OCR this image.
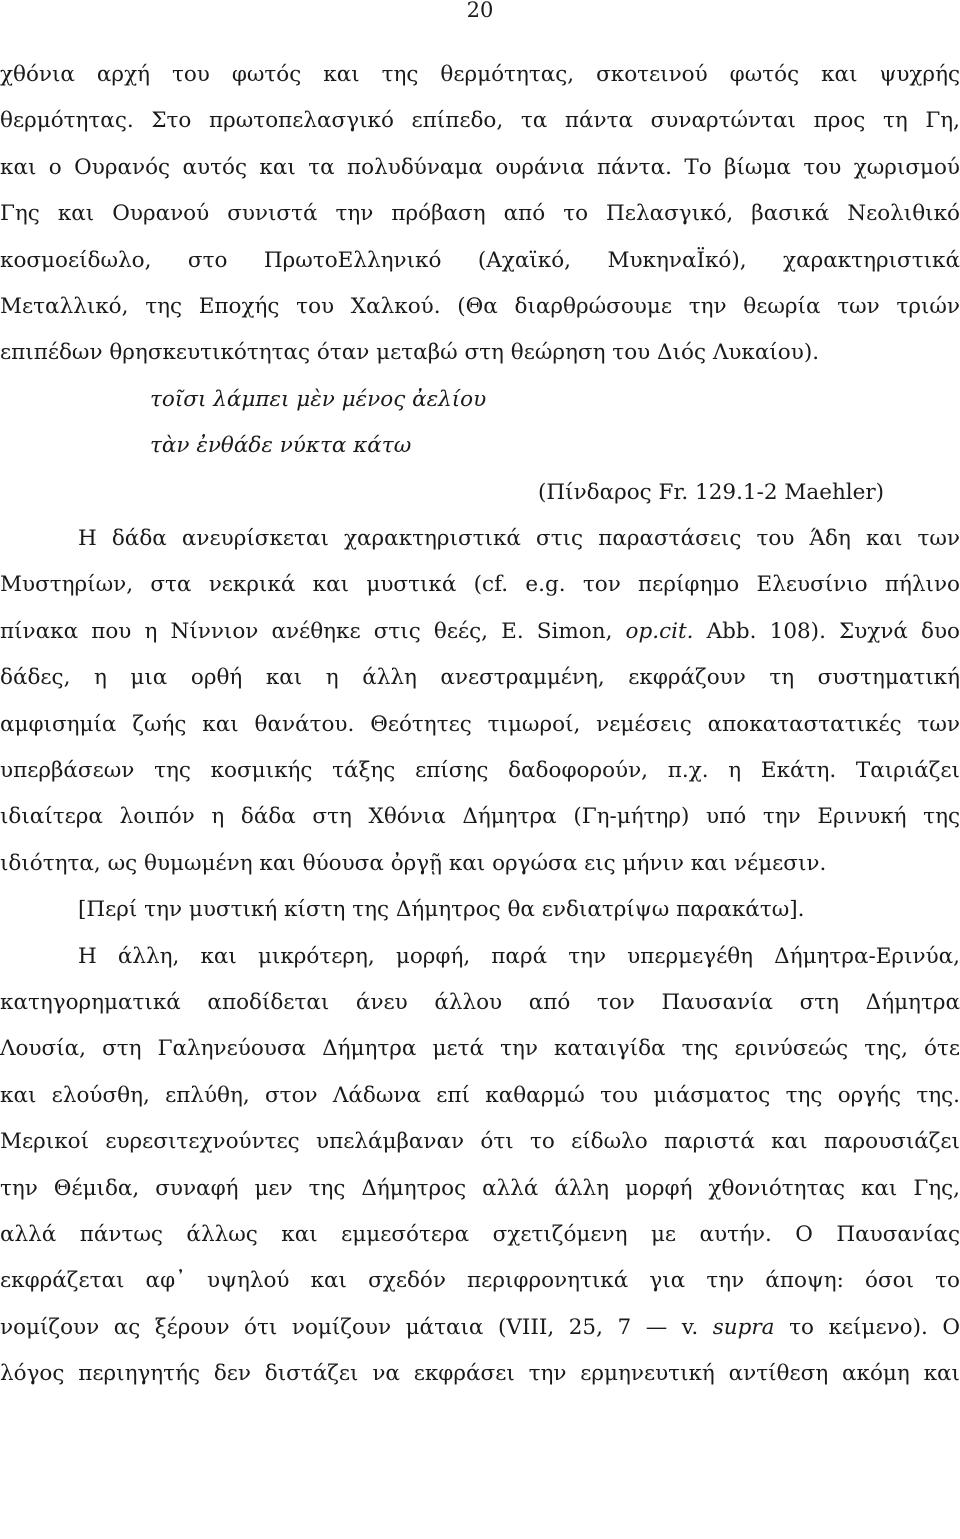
20
χθόνια αρχή του φωτός και της θερμότητας, σκοτεινού φωτός και ψυχρής
θερμότητας. Στο πρωτοπελασγικό επίπεδο, τα πάντα συναρτώνται προς τη Γη,
και ο Ουρανός αυτός και τα πολυδύναμα ουράνια πάντα. Το βίωμα του χωρισμού
Γης και Ουρανού συνιστά την πρόβαση από το Πελασγικό, βασικά Νεολιθικό
κοσμοείδωλο, στο ΠρωτοΕλληνικό (Αχαϊκό, ΜυκηναΪκό), χαρακτηριστικά
Μεταλλικό, της Εποχής του Χαλκού. (Θα διαρθρώσουμε την θεωρία των τριών
επιπέδων θρησκευτικότητας όταν μεταβώ στη θεώρηση του Διός Λυκαίου).
τοῖσι λάμπει μὲν μένος ἀελίου
τὰν ἐνθάδε νύκτα κάτω
(Πίνδαρος Fr. 129.1-2 Maehler)
Η δάδα ανευρίσκεται χαρακτηριστικά στις παραστάσεις του Άδη και των
Μυστηρίων, στα νεκρικά και μυστικά (cf. e.g. τον περίφημο Ελευσίνιο πήλινο
πίνακα που η Νίννιον ανέθηκε στις θεές, E. Simon, op.cit. Abb. 108). Συχνά δυο
δάδες, η μια ορθή και η άλλη ανεστραμμένη, εκφράζουν τη συστηματική
αμφισημία ζωής και θανάτου. Θεότητες τιμωροί, νεμέσεις αποκαταστατικές των
υπερβάσεων της κοσμικής τάξης επίσης δαδοφορούν, π.χ. η Εκάτη. Ταιριάζει
ιδιαίτερα λοιπόν η δάδα στη Χθόνια Δήμητρα (Γη-μήτηρ) υπό την Ερινυκή της
ιδιότητα, ως θυμωμένη και θύουσα ὀργῇ και οργώσα εις μήνιν και νέμεσιν.
[Περί την μυστική κίστη της Δήμητρος θα ενδιατρίψω παρακάτω].
Η άλλη, και μικρότερη, μορφή, παρά την υπερμεγέθη Δήμητρα-Ερινύα,
κατηγορηματικά αποδίδεται άνευ άλλου από τον Παυσανία στη Δήμητρα
Λουσία, στη Γαληνεύουσα Δήμητρα μετά την καταιγίδα της ερινύσεώς της, ότε
και ελούσθη, επλύθη, στον Λάδωνα επί καθαρμώ του μιάσματος της οργής της.
Μερικοί ευρεσιτεχνούντες υπελάμβαναν ότι το είδωλο παριστά και παρουσιάζει
την Θέμιδα, συναφή μεν της Δήμητρος αλλά άλλη μορφή χθονιότητας και Γης,
αλλά πάντως άλλως και εμμεσότερα σχετιζόμενη με αυτήν. Ο Παυσανίας
εκφράζεται αφ᾽ υψηλού και σχεδόν περιφρονητικά για την άποψη: όσοι το
νομίζουν ας ξέρουν ότι νομίζουν μάταια (VIII, 25, 7 — v. supra το κείμενο). Ο
λόγος περιηγητής δεν διστάζει να εκφράσει την ερμηνευτική αντίθεση ακόμη και
